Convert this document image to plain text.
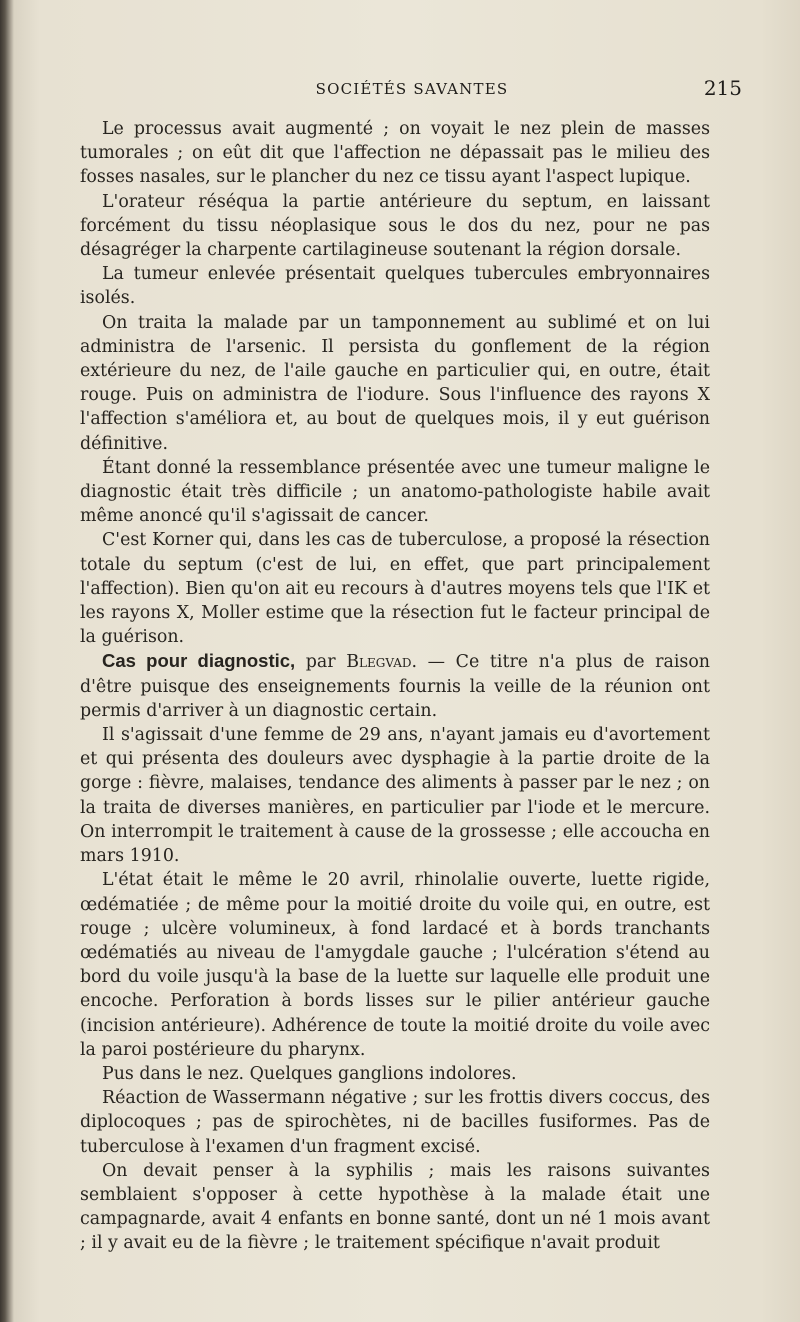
SOCIÉTÉS SAVANTES	215

Le processus avait augmenté ; on voyait le nez plein de masses tumorales ; on eût dit que l'affection ne dépassait pas le milieu des fosses nasales, sur le plancher du nez ce tissu ayant l'aspect lupique.

L'orateur réséqua la partie antérieure du septum, en laissant forcément du tissu néoplasique sous le dos du nez, pour ne pas désagréger la charpente cartilagineuse soutenant la région dorsale.

La tumeur enlevée présentait quelques tubercules embryonnaires isolés.

On traita la malade par un tamponnement au sublimé et on lui administra de l'arsenic. Il persista du gonflement de la région extérieure du nez, de l'aile gauche en particulier qui, en outre, était rouge. Puis on administra de l'iodure. Sous l'influence des rayons X l'affection s'améliora et, au bout de quelques mois, il y eut guérison définitive.

Étant donné la ressemblance présentée avec une tumeur maligne le diagnostic était très difficile ; un anatomo-pathologiste habile avait même anoncé qu'il s'agissait de cancer.

C'est Korner qui, dans les cas de tuberculose, a proposé la résection totale du septum (c'est de lui, en effet, que part principalement l'affection). Bien qu'on ait eu recours à d'autres moyens tels que l'IK et les rayons X, Moller estime que la résection fut le facteur principal de la guérison.

Cas pour diagnostic, par Blegvad. — Ce titre n'a plus de raison d'être puisque des enseignements fournis la veille de la réunion ont permis d'arriver à un diagnostic certain.

Il s'agissait d'une femme de 29 ans, n'ayant jamais eu d'avortement et qui présenta des douleurs avec dysphagie à la partie droite de la gorge : fièvre, malaises, tendance des aliments à passer par le nez ; on la traita de diverses manières, en particulier par l'iode et le mercure. On interrompit le traitement à cause de la grossesse ; elle accoucha en mars 1910.

L'état était le même le 20 avril, rhinolalie ouverte, luette rigide, œdématiée ; de même pour la moitié droite du voile qui, en outre, est rouge ; ulcère volumineux, à fond lardacé et à bords tranchants œdématiés au niveau de l'amygdale gauche ; l'ulcération s'étend au bord du voile jusqu'à la base de la luette sur laquelle elle produit une encoche. Perforation à bords lisses sur le pilier antérieur gauche (incision antérieure). Adhérence de toute la moitié droite du voile avec la paroi postérieure du pharynx.

Pus dans le nez. Quelques ganglions indolores.

Réaction de Wassermann négative ; sur les frottis divers coccus, des diplocoques ; pas de spirochètes, ni de bacilles fusiformes. Pas de tuberculose à l'examen d'un fragment excisé.

On devait penser à la syphilis ; mais les raisons suivantes semblaient s'opposer à cette hypothèse à la malade était une campagnarde, avait 4 enfants en bonne santé, dont un né 1 mois avant ; il y avait eu de la fièvre ; le traitement spécifique n'avait produit
